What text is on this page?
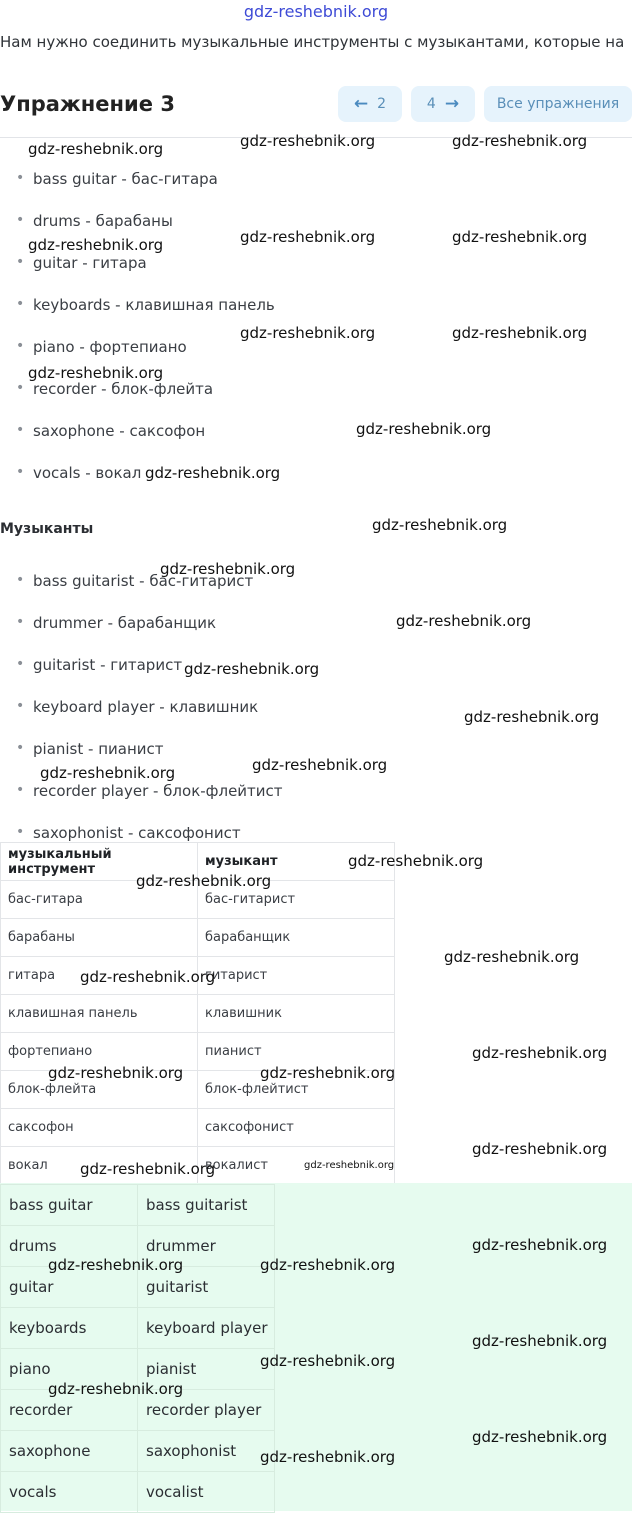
gdz-reshebnik.org
Нам нужно соединить музыкальные инструменты с музыкантами, которые на
Упражнение 3	← 2	4 →	Все упражнения
• bass guitar - бас-гитара
• drums - барабаны
• guitar - гитара
• keyboards - клавишная панель
• piano - фортепиано
• recorder - блок-флейта
• saxophone - саксофон
• vocals - вокал
Музыканты
• bass guitarist - бас-гитарист
• drummer - барабанщик
• guitarist - гитарист
• keyboard player - клавишник
• pianist - пианист
• recorder player - блок-флейтист
• saxophonist - саксофонист
музыкальный инструмент	музыкант
бас-гитара	бас-гитарист
барабаны	барабанщик
гитара	гитарист
клавишная панель	клавишник
фортепиано	пианист
блок-флейта	блок-флейтист
саксофон	саксофонист
вокал	вокалист
bass guitar	bass guitarist
drums	drummer
guitar	guitarist
keyboards	keyboard player
piano	pianist
recorder	recorder player
saxophone	saxophonist
vocals	vocalist
gdz-reshebnik.org	gdz-reshebnik.org	gdz-reshebnik.org
gdz-reshebnik.org	gdz-reshebnik.org	gdz-reshebnik.org
gdz-reshebnik.org	gdz-reshebnik.org
gdz-reshebnik.org
gdz-reshebnik.org
gdz-reshebnik.org
gdz-reshebnik.org
gdz-reshebnik.org
gdz-reshebnik.org
gdz-reshebnik.org
gdz-reshebnik.org
gdz-reshebnik.org	gdz-reshebnik.org
gdz-reshebnik.org
gdz-reshebnik.org
gdz-reshebnik.org
gdz-reshebnik.org
gdz-reshebnik.org
gdz-reshebnik.org	gdz-reshebnik.org
gdz-reshebnik.org
gdz-reshebnik.org	gdz-reshebnik.org
gdz-reshebnik.org
gdz-reshebnik.org	gdz-reshebnik.org
gdz-reshebnik.org
gdz-reshebnik.org
gdz-reshebnik.org
gdz-reshebnik.org
gdz-reshebnik.org
